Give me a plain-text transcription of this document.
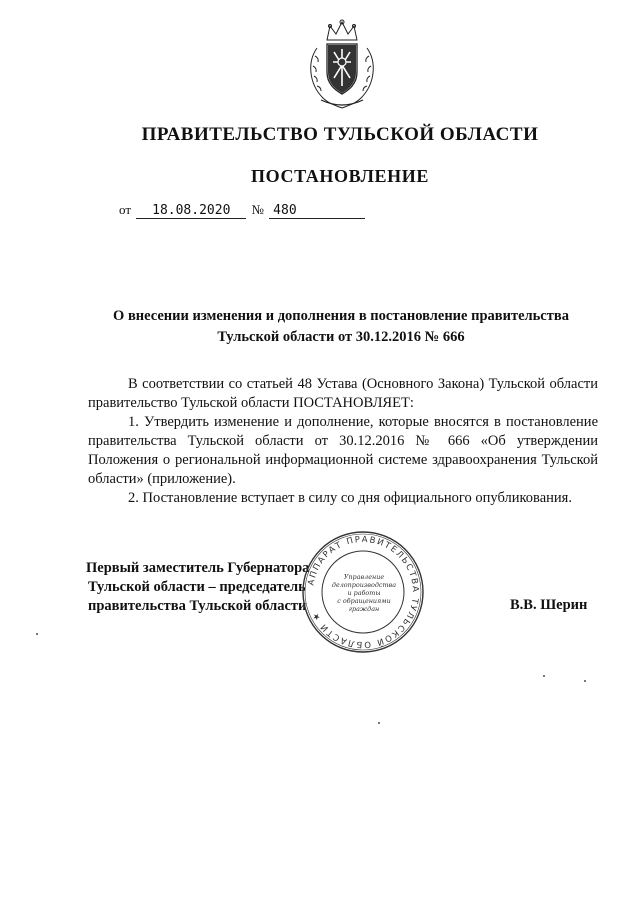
ПРАВИТЕЛЬСТВО ТУЛЬСКОЙ ОБЛАСТИ
ПОСТАНОВЛЕНИЕ
от 18.08.2020 № 480
О внесении изменения и дополнения в постановление правительства Тульской области от 30.12.2016 № 666

В соответствии со статьей 48 Устава (Основного Закона) Тульской области правительство Тульской области ПОСТАНОВЛЯЕТ:

1. Утвердить изменение и дополнение, которые вносятся в постановление правительства Тульской области от 30.12.2016 № 666 «Об утверждении Положения о региональной информационной системе здравоохранения Тульской области» (приложение).

2. Постановление вступает в силу со дня официального опубликования.

Первый заместитель Губернатора
Тульской области – председатель
правительства Тульской области	В.В. Шерин
АППАРАТ ПРАВИТЕЛЬСТВА ТУЛЬСКОЙ ОБЛАСТИ ★
Управление
делопроизводства
и работы
с обращениями
граждан
